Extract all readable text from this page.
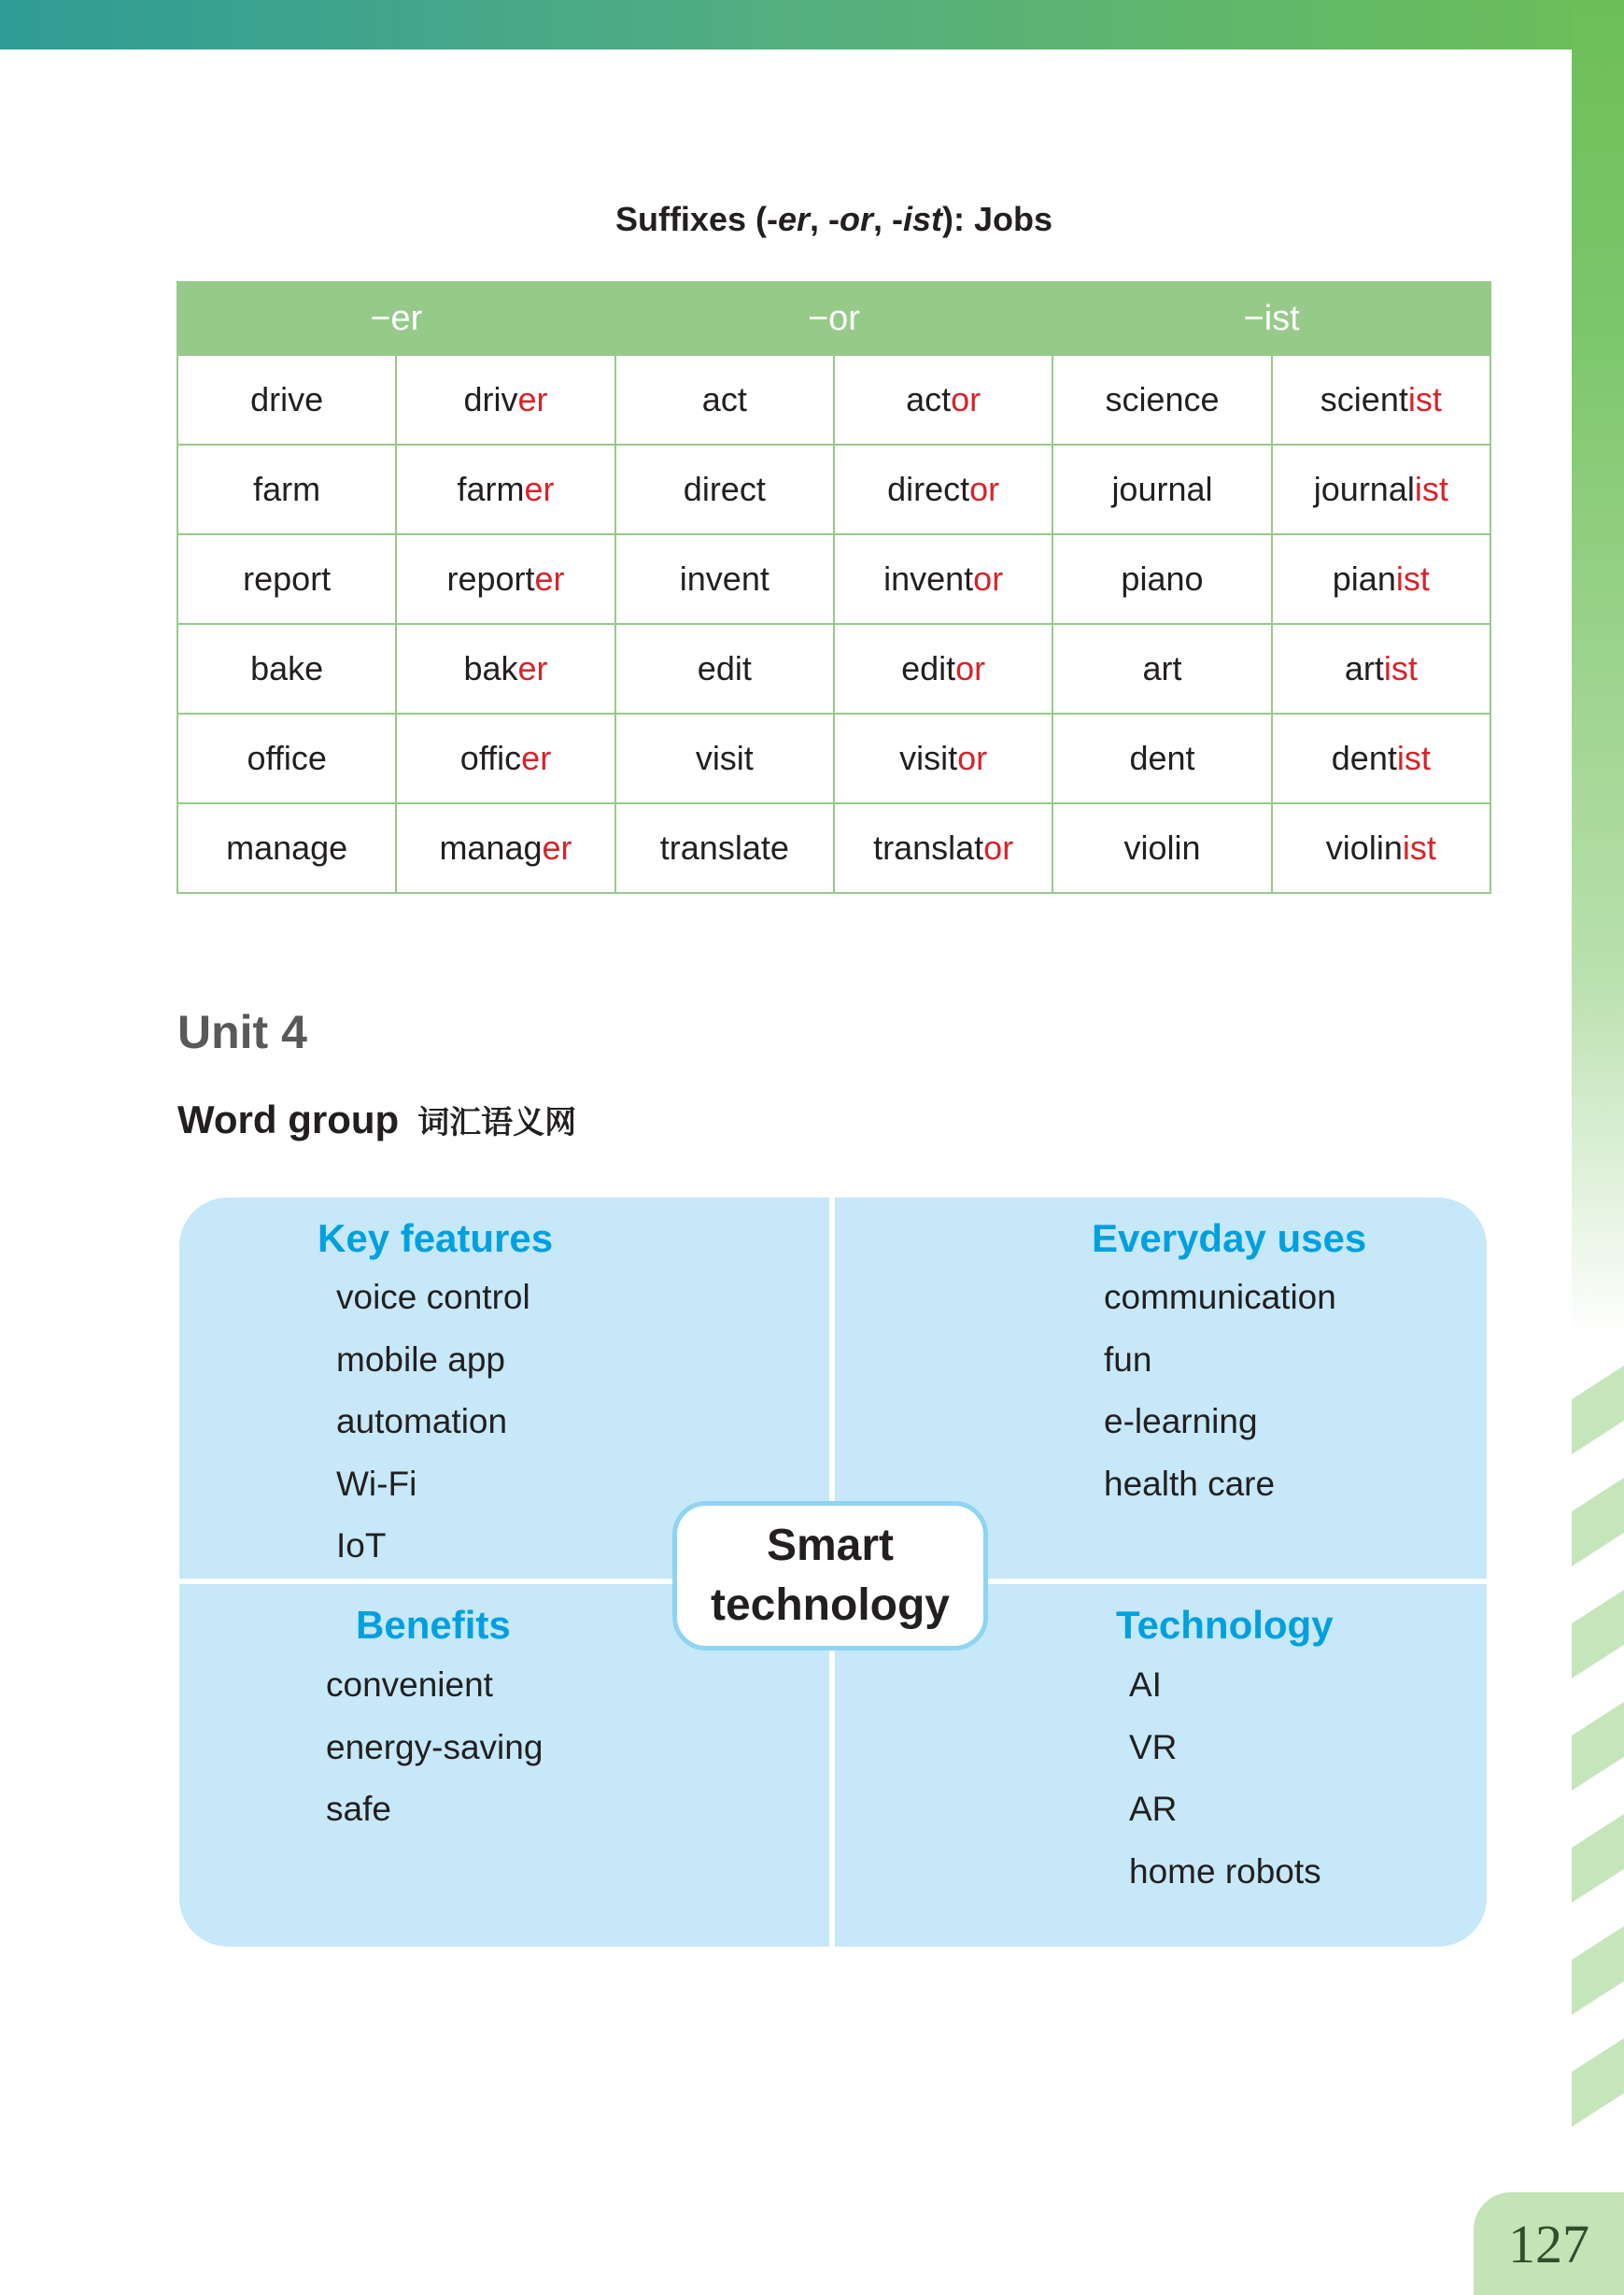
Suffixes (-er, -or, -ist): Jobs
−er		−or		−ist	
drive	driver	act	actor	science	scientist
farm	farmer	direct	director	journal	journalist
report	reporter	invent	inventor	piano	pianist
bake	baker	edit	editor	art	artist
office	officer	visit	visitor	dent	dentist
manage	manager	translate	translator	violin	violinist
Unit 4
Word group 词汇语义网
Key features
voice control
mobile app
automation
Wi-Fi
IoT
Everyday uses
communication
fun
e-learning
health care
Benefits
convenient
energy-saving
safe
Technology
AI
VR
AR
home robots
Smart
technology
127
